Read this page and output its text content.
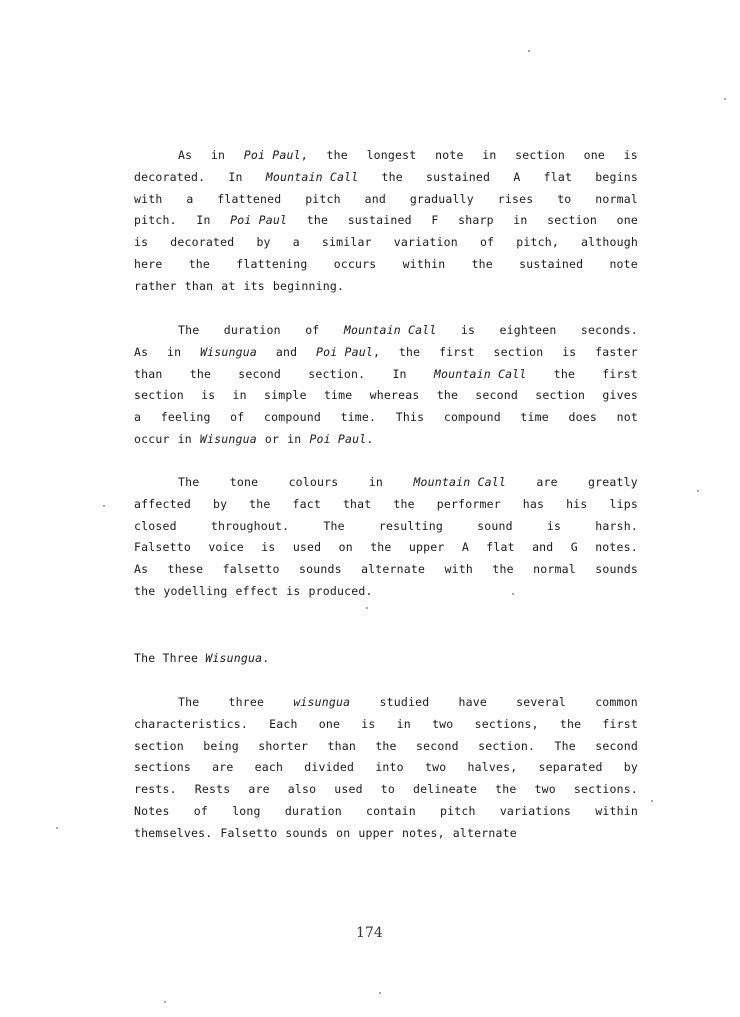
As in Poi Paul, the longest note in section one is
decorated. In Mountain Call the sustained A flat begins
with a flattened pitch and gradually rises to normal
pitch. In Poi Paul the sustained F sharp in section one
is decorated by a similar variation of pitch, although
here the flattening occurs within the sustained note
rather than at its beginning.
The duration of Mountain Call is eighteen seconds.
As in Wisungua and Poi Paul, the first section is faster
than the second section. In Mountain Call the first
section is in simple time whereas the second section gives
a feeling of compound time. This compound time does not
occur in Wisungua or in Poi Paul.
The	tone	colours	in	Mountain Call	are	greatly
affected by the fact that the performer has his lips
closed	throughout.	The	resulting	sound	is	harsh.
Falsetto voice is used on the upper A flat and G notes.
As these falsetto sounds alternate with the normal sounds
the yodelling effect is produced.
The Three Wisungua.
The	three	wisungua	studied	have	several	common
characteristics. Each one is in two sections, the first
section being shorter than the second section. The second
sections are each divided into two halves, separated by
rests. Rests are also used to delineate the two sections.
Notes of long duration contain pitch variations within
themselves. Falsetto sounds on upper notes, alternate
174
